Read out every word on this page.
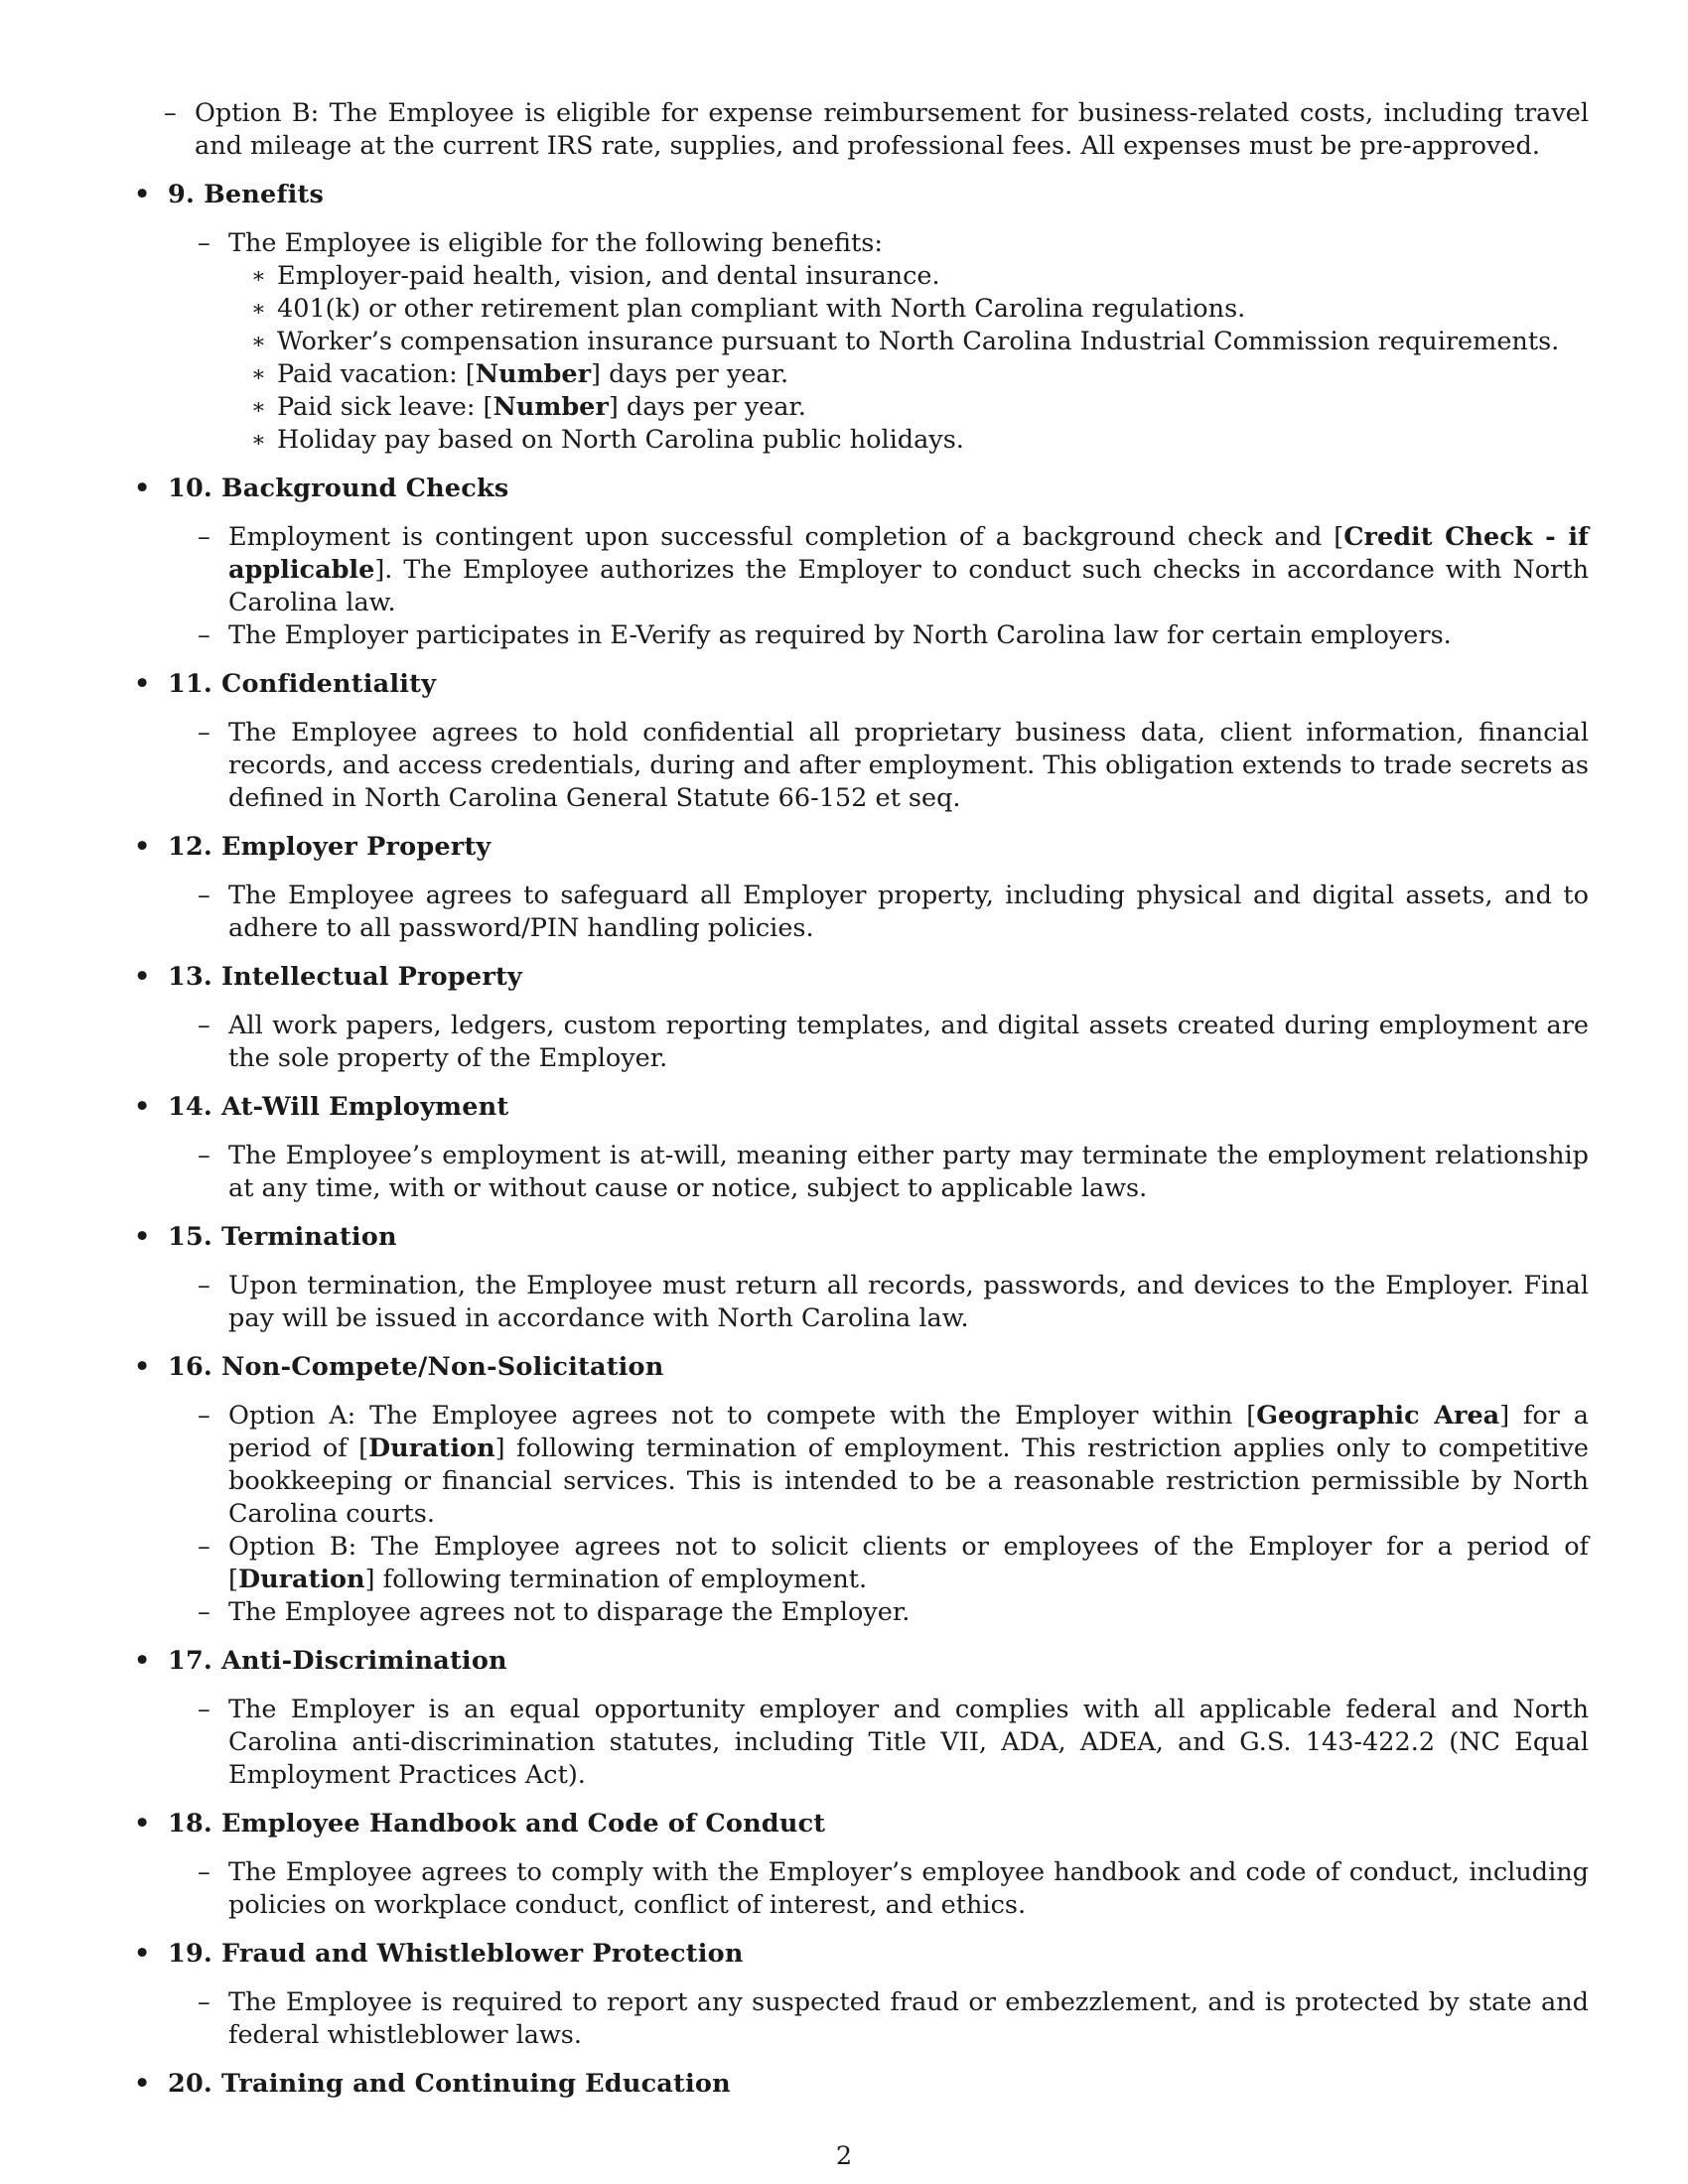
– Option B: The Employee is eligible for expense reimbursement for business-related costs, including travel and mileage at the current IRS rate, supplies, and professional fees. All expenses must be pre-approved.
• 9. Benefits
– The Employee is eligible for the following benefits:
∗ Employer-paid health, vision, and dental insurance.
∗ 401(k) or other retirement plan compliant with North Carolina regulations.
∗ Worker’s compensation insurance pursuant to North Carolina Industrial Commission requirements.
∗ Paid vacation: [Number] days per year.
∗ Paid sick leave: [Number] days per year.
∗ Holiday pay based on North Carolina public holidays.
• 10. Background Checks
– Employment is contingent upon successful completion of a background check and [Credit Check - if applicable]. The Employee authorizes the Employer to conduct such checks in accordance with North Carolina law.
– The Employer participates in E-Verify as required by North Carolina law for certain employers.
• 11. Confidentiality
– The Employee agrees to hold confidential all proprietary business data, client information, financial records, and access credentials, during and after employment. This obligation extends to trade secrets as defined in North Carolina General Statute 66-152 et seq.
• 12. Employer Property
– The Employee agrees to safeguard all Employer property, including physical and digital assets, and to adhere to all password/PIN handling policies.
• 13. Intellectual Property
– All work papers, ledgers, custom reporting templates, and digital assets created during employment are the sole property of the Employer.
• 14. At-Will Employment
– The Employee’s employment is at-will, meaning either party may terminate the employment relationship at any time, with or without cause or notice, subject to applicable laws.
• 15. Termination
– Upon termination, the Employee must return all records, passwords, and devices to the Employer. Final pay will be issued in accordance with North Carolina law.
• 16. Non-Compete/Non-Solicitation
– Option A: The Employee agrees not to compete with the Employer within [Geographic Area] for a period of [Duration] following termination of employment. This restriction applies only to competitive bookkeeping or financial services. This is intended to be a reasonable restriction permissible by North Carolina courts.
– Option B: The Employee agrees not to solicit clients or employees of the Employer for a period of [Duration] following termination of employment.
– The Employee agrees not to disparage the Employer.
• 17. Anti-Discrimination
– The Employer is an equal opportunity employer and complies with all applicable federal and North Carolina anti-discrimination statutes, including Title VII, ADA, ADEA, and G.S. 143-422.2 (NC Equal Employment Practices Act).
• 18. Employee Handbook and Code of Conduct
– The Employee agrees to comply with the Employer’s employee handbook and code of conduct, including policies on workplace conduct, conflict of interest, and ethics.
• 19. Fraud and Whistleblower Protection
– The Employee is required to report any suspected fraud or embezzlement, and is protected by state and federal whistleblower laws.
• 20. Training and Continuing Education
2
